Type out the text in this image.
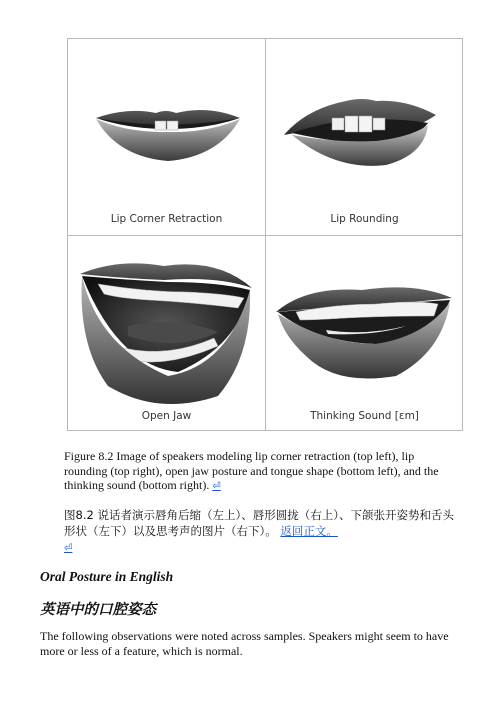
Lip Corner Retraction	Lip Rounding
Open Jaw	Thinking Sound [ɛm]
Figure 8.2 Image of speakers modeling lip corner retraction (top left), lip rounding (top right), open jaw posture and tongue shape (bottom left), and the thinking sound (bottom right). ⏎
图8.2 说话者演示唇角后缩（左上）、唇形圆拢（右上）、下颌张开姿势和舌头形状（左下）以及思考声的图片（右下）。 返回正文。
⏎
Oral Posture in English
英语中的口腔姿态
The following observations were noted across samples. Speakers might seem to have more or less of a feature, which is normal.
